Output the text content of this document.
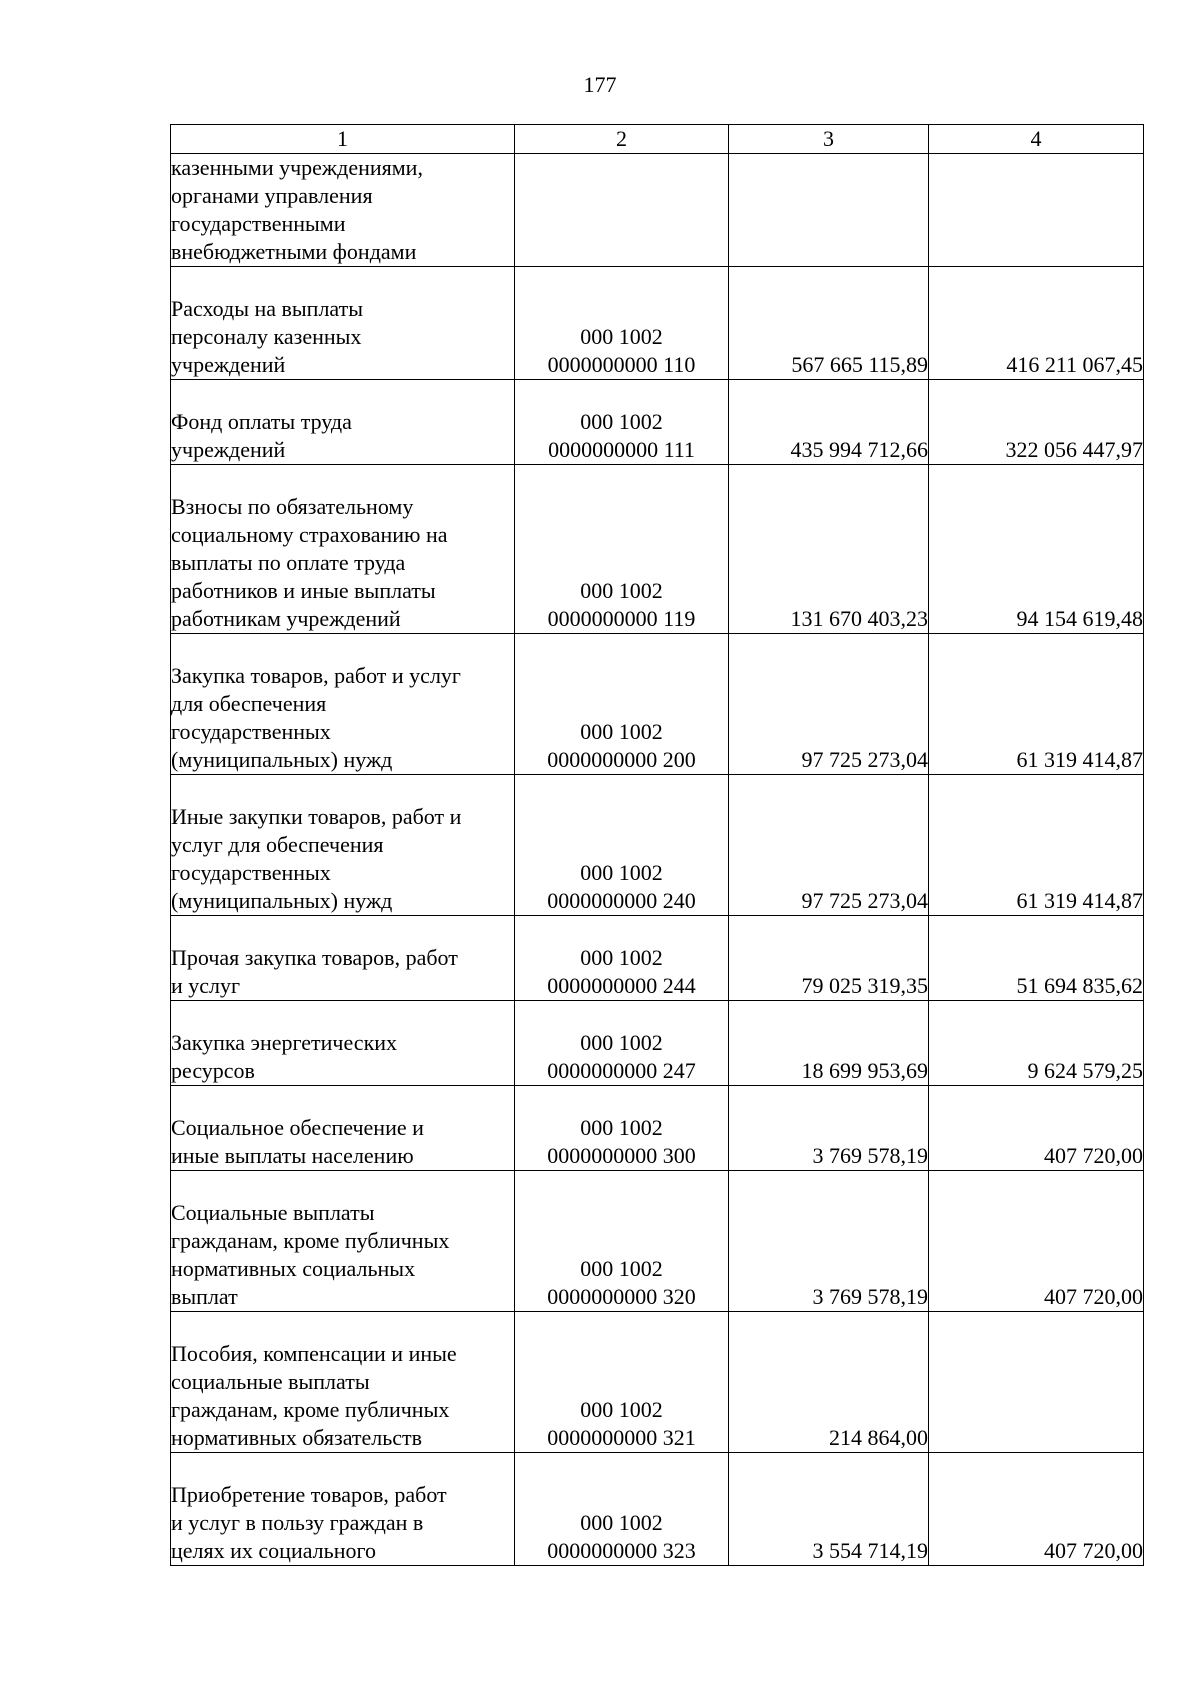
177
1	2	3	4

казенными учреждениями,
органами управления
государственными
внебюджетными фондами			

Расходы на выплаты
персоналу казенных
учреждений	000 1002
0000000000 110	567 665 115,89	416 211 067,45

Фонд оплаты труда
учреждений	000 1002
0000000000 111	435 994 712,66	322 056 447,97

Взносы по обязательному
социальному страхованию на
выплаты по оплате труда
работников и иные выплаты
работникам учреждений	000 1002
0000000000 119	131 670 403,23	94 154 619,48

Закупка товаров, работ и услуг
для обеспечения
государственных
(муниципальных) нужд	000 1002
0000000000 200	97 725 273,04	61 319 414,87

Иные закупки товаров, работ и
услуг для обеспечения
государственных
(муниципальных) нужд	000 1002
0000000000 240	97 725 273,04	61 319 414,87

Прочая закупка товаров, работ
и услуг	000 1002
0000000000 244	79 025 319,35	51 694 835,62

Закупка энергетических
ресурсов	000 1002
0000000000 247	18 699 953,69	9 624 579,25

Социальное обеспечение и
иные выплаты населению	000 1002
0000000000 300	3 769 578,19	407 720,00

Социальные выплаты
гражданам, кроме публичных
нормативных социальных
выплат	000 1002
0000000000 320	3 769 578,19	407 720,00

Пособия, компенсации и иные
социальные выплаты
гражданам, кроме публичных
нормативных обязательств	000 1002
0000000000 321	214 864,00	

Приобретение товаров, работ
и услуг в пользу граждан в
целях их социального	000 1002
0000000000 323	3 554 714,19	407 720,00
